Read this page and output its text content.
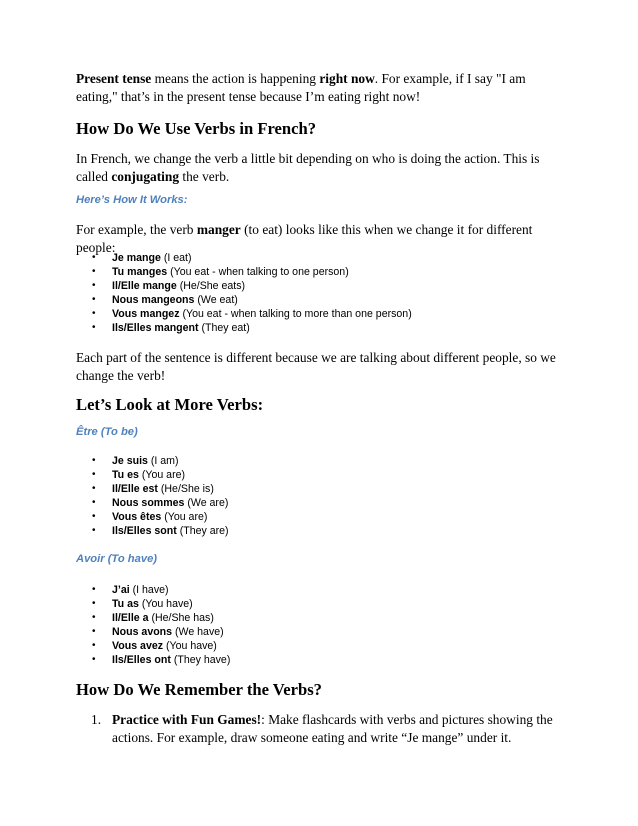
Present tense means the action is happening right now. For example, if I say "I am eating," that’s in the present tense because I’m eating right now!

How Do We Use Verbs in French?

In French, we change the verb a little bit depending on who is doing the action. This is called conjugating the verb.

Here’s How It Works:

For example, the verb manger (to eat) looks like this when we change it for different people:

• Je mange (I eat)
• Tu manges (You eat - when talking to one person)
• Il/Elle mange (He/She eats)
• Nous mangeons (We eat)
• Vous mangez (You eat - when talking to more than one person)
• Ils/Elles mangent (They eat)

Each part of the sentence is different because we are talking about different people, so we change the verb!

Let’s Look at More Verbs:
Être (To be)
• Je suis (I am)
• Tu es (You are)
• Il/Elle est (He/She is)
• Nous sommes (We are)
• Vous êtes (You are)
• Ils/Elles sont (They are)
Avoir (To have)
• J’ai (I have)
• Tu as (You have)
• Il/Elle a (He/She has)
• Nous avons (We have)
• Vous avez (You have)
• Ils/Elles ont (They have)
How Do We Remember the Verbs?
1. Practice with Fun Games!: Make flashcards with verbs and pictures showing the actions. For example, draw someone eating and write “Je mange” under it.
